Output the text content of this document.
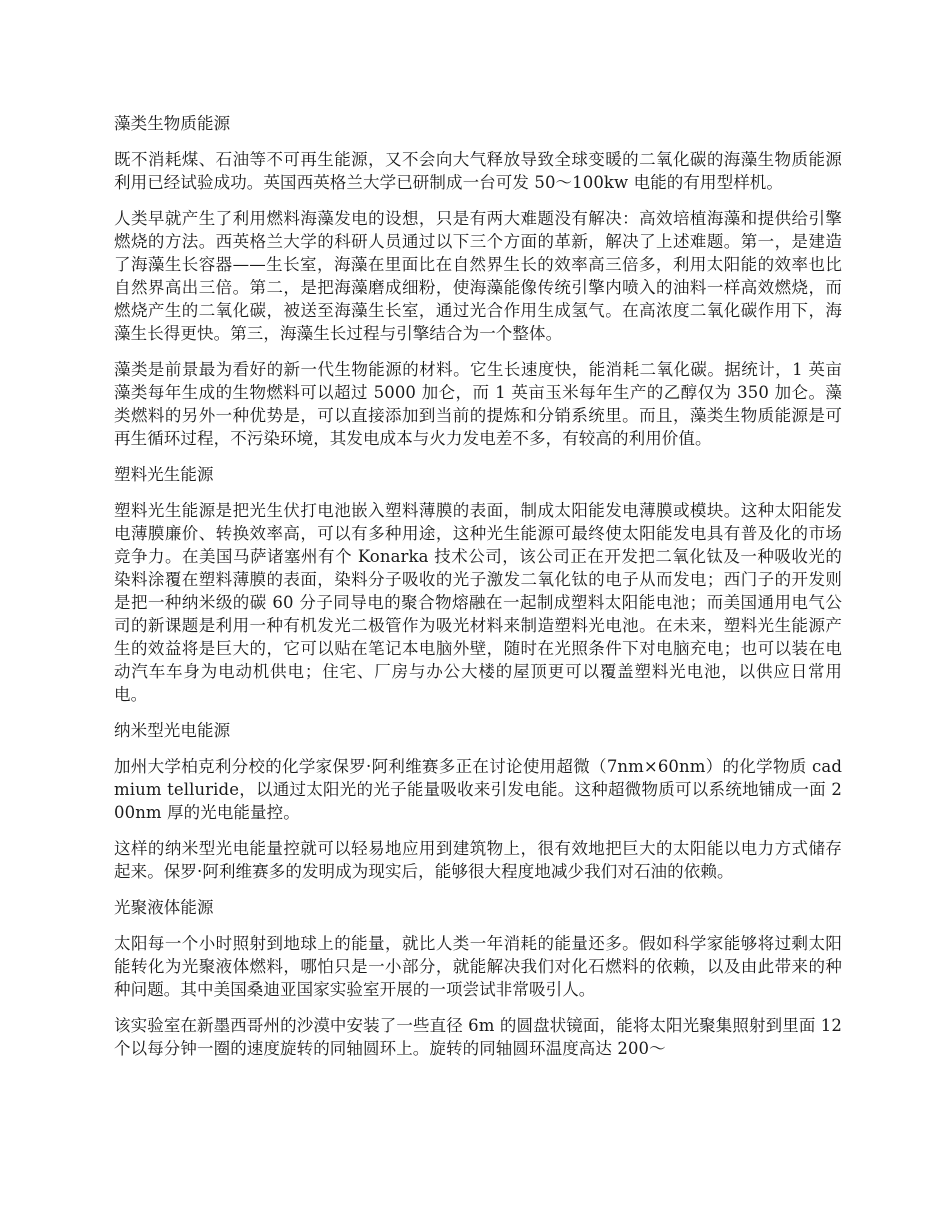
藻类生物质能源

既不消耗煤、石油等不可再生能源，又不会向大气释放导致全球变暖的二氧化碳的海藻生物质能源利用已经试验成功。英国西英格兰大学已研制成一台可发 50～100kw 电能的有用型样机。

人类早就产生了利用燃料海藻发电的设想，只是有两大难题没有解决：高效培植海藻和提供给引擎燃烧的方法。西英格兰大学的科研人员通过以下三个方面的革新，解决了上述难题。第一，是建造了海藻生长容器——生长室，海藻在里面比在自然界生长的效率高三倍多，利用太阳能的效率也比自然界高出三倍。第二，是把海藻磨成细粉，使海藻能像传统引擎内喷入的油料一样高效燃烧，而燃烧产生的二氧化碳，被送至海藻生长室，通过光合作用生成氢气。在高浓度二氧化碳作用下，海藻生长得更快。第三，海藻生长过程与引擎结合为一个整体。

藻类是前景最为看好的新一代生物能源的材料。它生长速度快，能消耗二氧化碳。据统计，1 英亩藻类每年生成的生物燃料可以超过 5000 加仑，而 1 英亩玉米每年生产的乙醇仅为 350 加仑。藻类燃料的另外一种优势是，可以直接添加到当前的提炼和分销系统里。而且，藻类生物质能源是可再生循环过程，不污染环境，其发电成本与火力发电差不多，有较高的利用价值。

塑料光生能源

塑料光生能源是把光生伏打电池嵌入塑料薄膜的表面，制成太阳能发电薄膜或模块。这种太阳能发电薄膜廉价、转换效率高，可以有多种用途，这种光生能源可最终使太阳能发电具有普及化的市场竞争力。在美国马萨诸塞州有个 Konarka 技术公司，该公司正在开发把二氧化钛及一种吸收光的染料涂覆在塑料薄膜的表面，染料分子吸收的光子激发二氧化钛的电子从而发电；西门子的开发则是把一种纳米级的碳 60 分子同导电的聚合物熔融在一起制成塑料太阳能电池；而美国通用电气公司的新课题是利用一种有机发光二极管作为吸光材料来制造塑料光电池。在未来，塑料光生能源产生的效益将是巨大的，它可以贴在笔记本电脑外壁，随时在光照条件下对电脑充电；也可以装在电动汽车车身为电动机供电；住宅、厂房与办公大楼的屋顶更可以覆盖塑料光电池，以供应日常用电。

纳米型光电能源

加州大学柏克利分校的化学家保罗·阿利维赛多正在讨论使用超微（7nm×60nm）的化学物质 cadmium telluride，以通过太阳光的光子能量吸收来引发电能。这种超微物质可以系统地铺成一面 200nm 厚的光电能量控。

这样的纳米型光电能量控就可以轻易地应用到建筑物上，很有效地把巨大的太阳能以电力方式储存起来。保罗·阿利维赛多的发明成为现实后，能够很大程度地减少我们对石油的依赖。

光聚液体能源

太阳每一个小时照射到地球上的能量，就比人类一年消耗的能量还多。假如科学家能够将过剩太阳能转化为光聚液体燃料，哪怕只是一小部分，就能解决我们对化石燃料的依赖，以及由此带来的种种问题。其中美国桑迪亚国家实验室开展的一项尝试非常吸引人。

该实验室在新墨西哥州的沙漠中安装了一些直径 6m 的圆盘状镜面，能将太阳光聚集照射到里面 12 个以每分钟一圈的速度旋转的同轴圆环上。旋转的同轴圆环温度高达 200～
